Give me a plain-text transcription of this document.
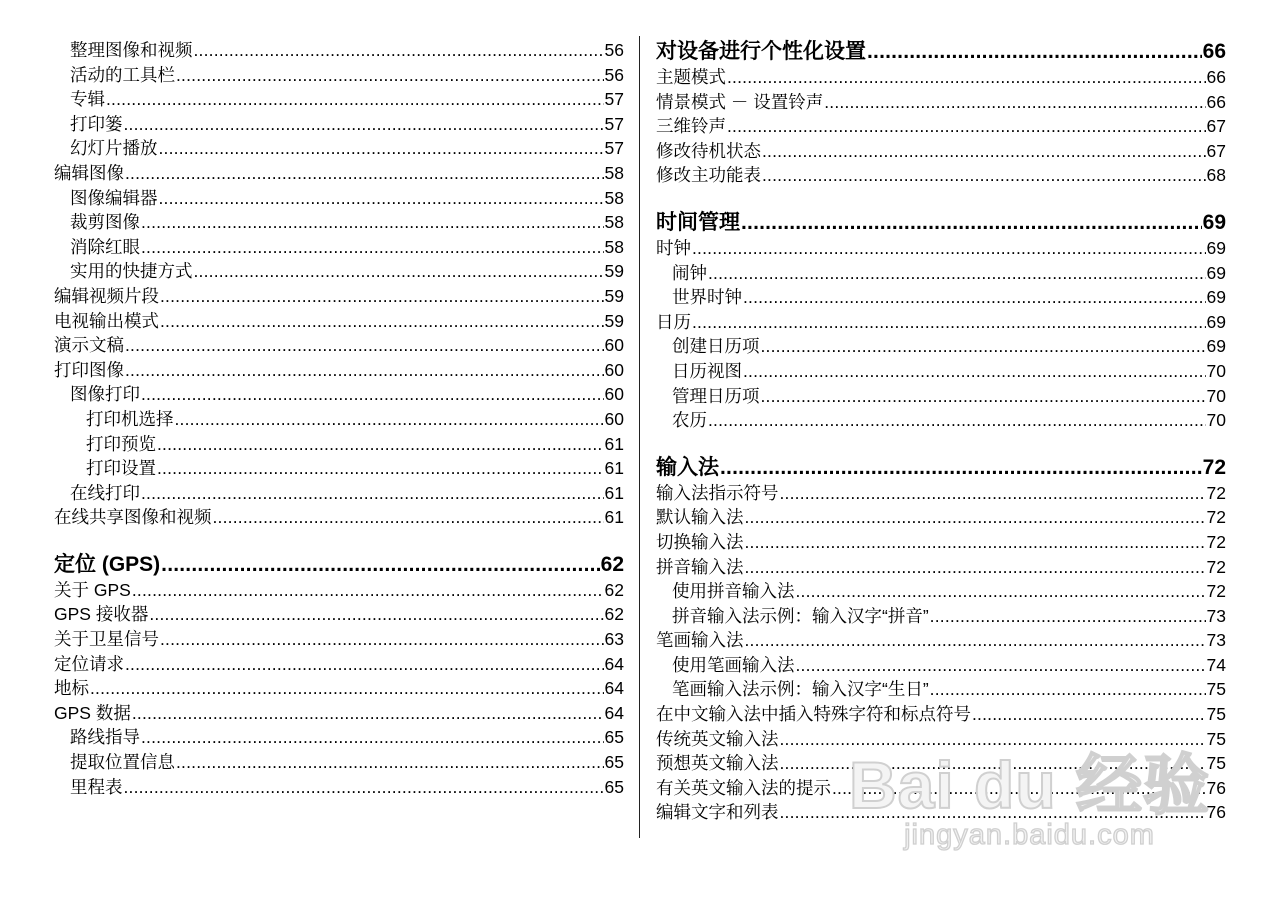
整理图像和视频 .....	56
活动的工具栏 .....	56
专辑 .....	57
打印篓 .....	57
幻灯片播放 .....	57
编辑图像 .....	58
图像编辑器 .....	58
裁剪图像 .....	58
消除红眼 .....	58
实用的快捷方式 .....	59
编辑视频片段 .....	59
电视输出模式 .....	59
演示文稿 .....	60
打印图像 .....	60
图像打印 .....	60
打印机选择 .....	60
打印预览 .....	61
打印设置 .....	61
在线打印 .....	61
在线共享图像和视频 .....	61
定位 (GPS) .....	62
关于 GPS .....	62
GPS 接收器 .....	62
关于卫星信号 .....	63
定位请求 .....	64
地标 .....	64
GPS 数据 .....	64
路线指导 .....	65
提取位置信息 .....	65
里程表 .....	65
对设备进行个性化设置 .....	66
主题模式 .....	66
情景模式 － 设置铃声 .....	66
三维铃声 .....	67
修改待机状态 .....	67
修改主功能表 .....	68
时间管理 .....	69
时钟 .....	69
闹钟 .....	69
世界时钟 .....	69
日历 .....	69
创建日历项 .....	69
日历视图 .....	70
管理日历项 .....	70
农历 .....	70
输入法 .....	72
输入法指示符号 .....	72
默认输入法 .....	72
切换输入法 .....	72
拼音输入法 .....	72
使用拼音输入法 .....	72
拼音输入法示例：输入汉字“拼音” .....	73
笔画输入法 .....	73
使用笔画输入法 .....	74
笔画输入法示例：输入汉字“生日” .....	75
在中文输入法中插入特殊字符和标点符号 .....	75
传统英文输入法 .....	75
预想英文输入法 .....	75
有关英文输入法的提示 .....	76
编辑文字和列表 .....	76
Bai du 经验
jingyan.baidu.com
